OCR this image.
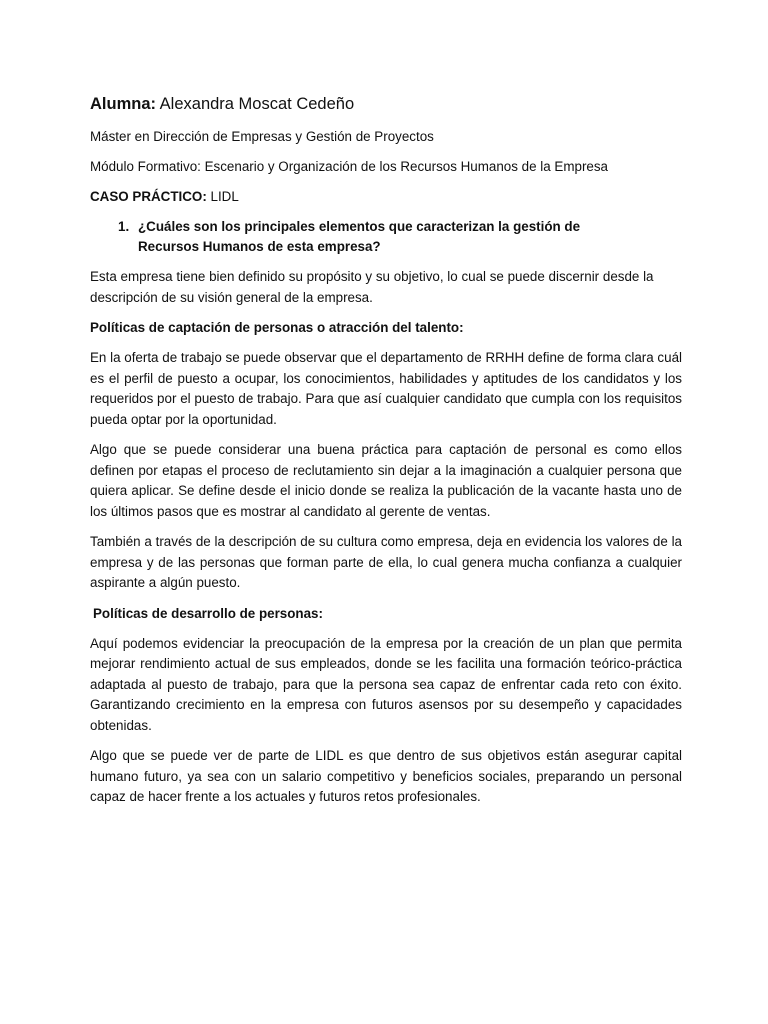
Alumna: Alexandra Moscat Cedeño
Máster en Dirección de Empresas y Gestión de Proyectos
Módulo Formativo: Escenario y Organización de los Recursos Humanos de la Empresa
CASO PRÁCTICO: LIDL
1. ¿Cuáles son los principales elementos que caracterizan la gestión de Recursos Humanos de esta empresa?

Esta empresa tiene bien definido su propósito y su objetivo, lo cual se puede discernir desde la descripción de su visión general de la empresa.

Políticas de captación de personas o atracción del talento:

En la oferta de trabajo se puede observar que el departamento de RRHH define de forma clara cuál es el perfil de puesto a ocupar, los conocimientos, habilidades y aptitudes de los candidatos y los requeridos por el puesto de trabajo. Para que así cualquier candidato que cumpla con los requisitos pueda optar por la oportunidad.

Algo que se puede considerar una buena práctica para captación de personal es como ellos definen por etapas el proceso de reclutamiento sin dejar a la imaginación a cualquier persona que quiera aplicar. Se define desde el inicio donde se realiza la publicación de la vacante hasta uno de los últimos pasos que es mostrar al candidato al gerente de ventas.

También a través de la descripción de su cultura como empresa, deja en evidencia los valores de la empresa y de las personas que forman parte de ella, lo cual genera mucha confianza a cualquier aspirante a algún puesto.

Políticas de desarrollo de personas:

Aquí podemos evidenciar la preocupación de la empresa por la creación de un plan que permita mejorar rendimiento actual de sus empleados, donde se les facilita una formación teórico-práctica adaptada al puesto de trabajo, para que la persona sea capaz de enfrentar cada reto con éxito. Garantizando crecimiento en la empresa con futuros asensos por su desempeño y capacidades obtenidas.

Algo que se puede ver de parte de LIDL es que dentro de sus objetivos están asegurar capital humano futuro, ya sea con un salario competitivo y beneficios sociales, preparando un personal capaz de hacer frente a los actuales y futuros retos profesionales.
